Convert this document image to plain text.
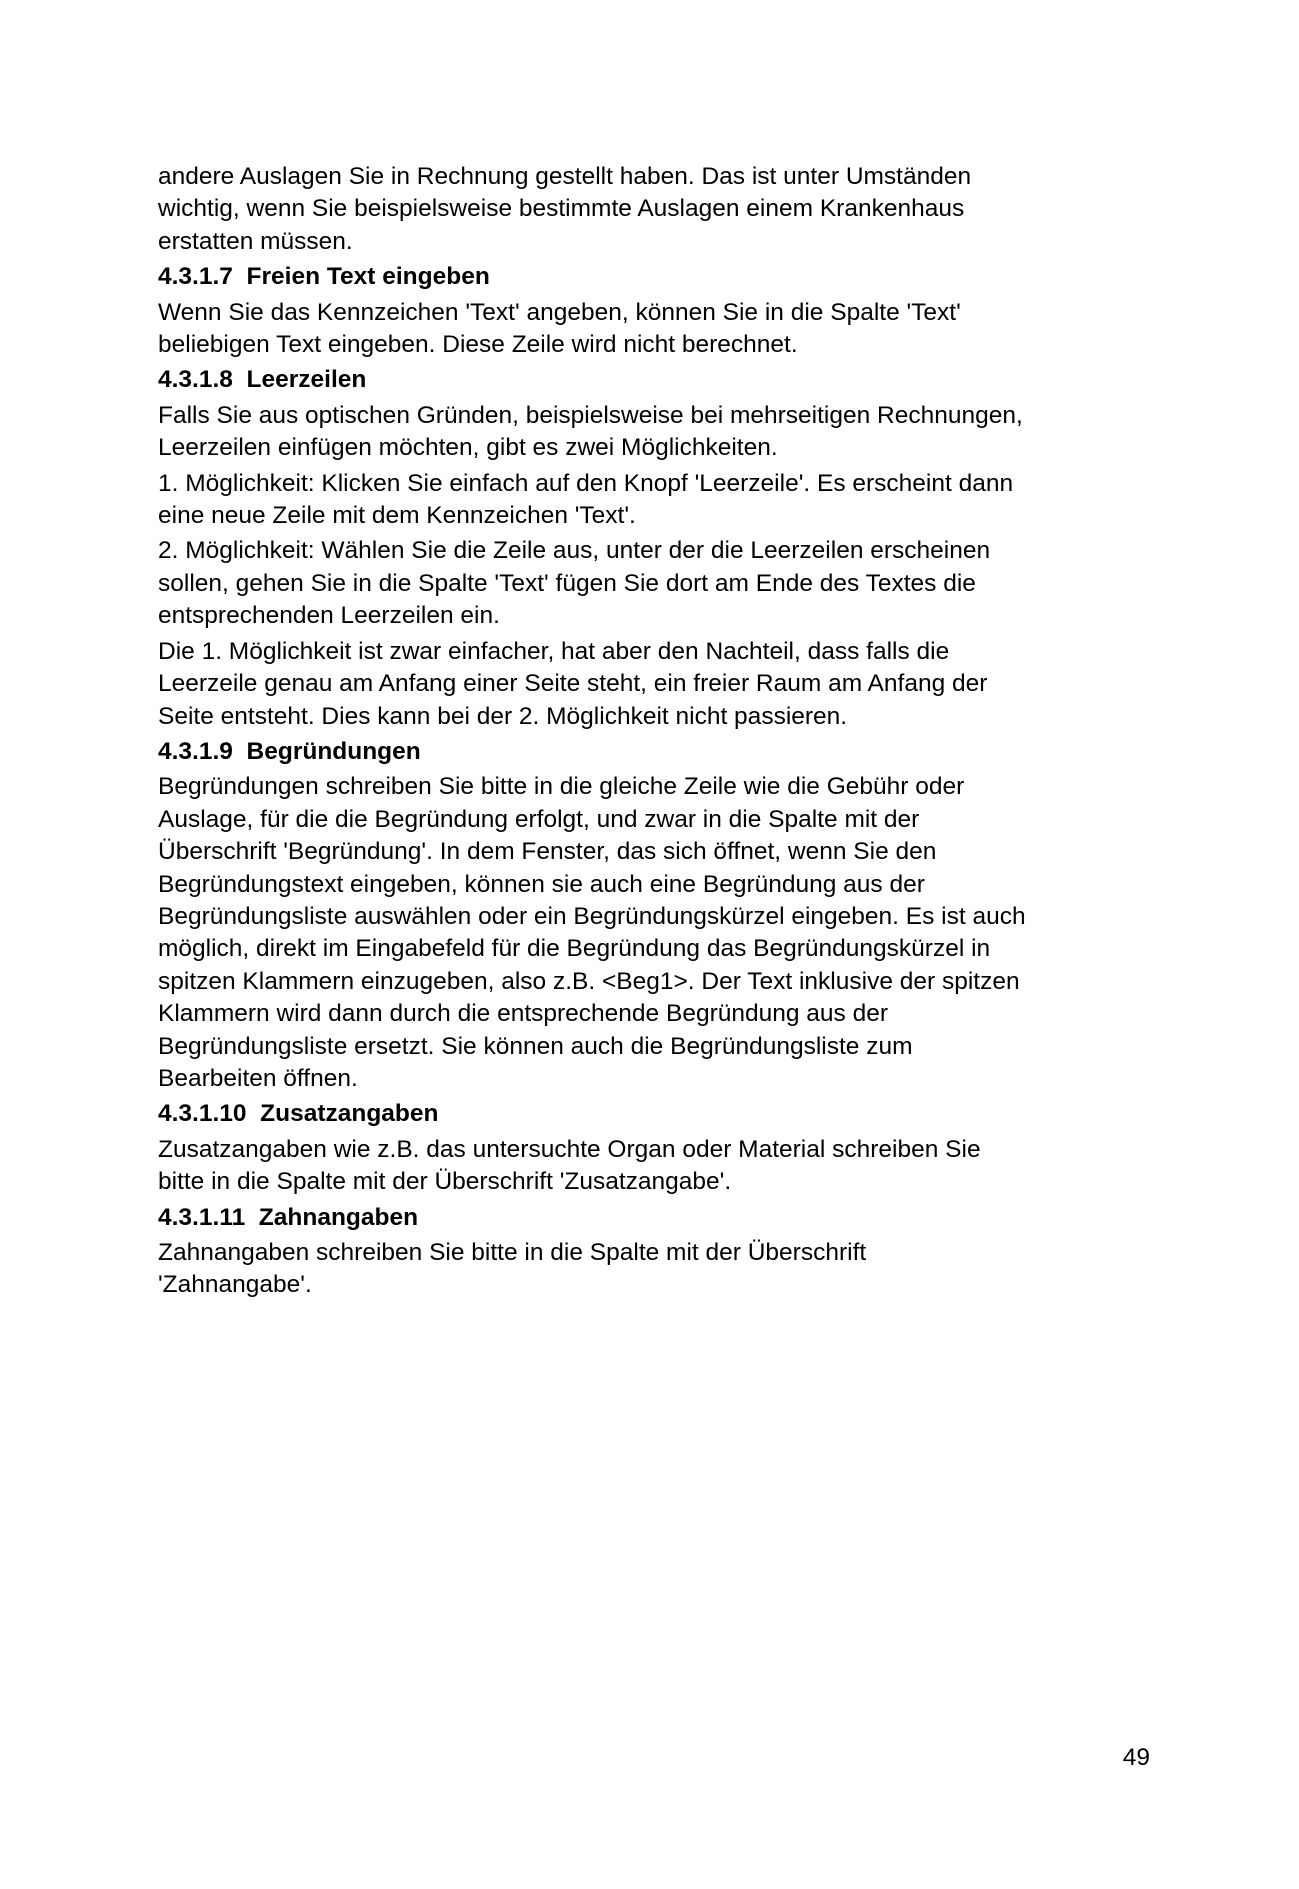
andere Auslagen Sie in Rechnung gestellt haben. Das ist unter Umständen
wichtig, wenn Sie beispielsweise bestimmte Auslagen einem Krankenhaus
erstatten müssen.

4.3.1.7  Freien Text eingeben

Wenn Sie das Kennzeichen 'Text' angeben, können Sie in die Spalte 'Text'
beliebigen Text eingeben. Diese Zeile wird nicht berechnet.

4.3.1.8  Leerzeilen

Falls Sie aus optischen Gründen, beispielsweise bei mehrseitigen Rechnungen,
Leerzeilen einfügen möchten, gibt es zwei Möglichkeiten.

1. Möglichkeit: Klicken Sie einfach auf den Knopf 'Leerzeile'. Es erscheint dann
eine neue Zeile mit dem Kennzeichen 'Text'.

2. Möglichkeit: Wählen Sie die Zeile aus, unter der die Leerzeilen erscheinen
sollen, gehen Sie in die Spalte 'Text' fügen Sie dort am Ende des Textes die
entsprechenden Leerzeilen ein.

Die 1. Möglichkeit ist zwar einfacher, hat aber den Nachteil, dass falls die
Leerzeile genau am Anfang einer Seite steht, ein freier Raum am Anfang der
Seite entsteht. Dies kann bei der 2. Möglichkeit nicht passieren.

4.3.1.9  Begründungen

Begründungen schreiben Sie bitte in die gleiche Zeile wie die Gebühr oder
Auslage, für die die Begründung erfolgt, und zwar in die Spalte mit der
Überschrift 'Begründung'. In dem Fenster, das sich öffnet, wenn Sie den
Begründungstext eingeben, können sie auch eine Begründung aus der
Begründungsliste auswählen oder ein Begründungskürzel eingeben. Es ist auch
möglich, direkt im Eingabefeld für die Begründung das Begründungskürzel in
spitzen Klammern einzugeben, also z.B. <Beg1>. Der Text inklusive der spitzen
Klammern wird dann durch die entsprechende Begründung aus der
Begründungsliste ersetzt. Sie können auch die Begründungsliste zum
Bearbeiten öffnen.

4.3.1.10  Zusatzangaben

Zusatzangaben wie z.B. das untersuchte Organ oder Material schreiben Sie
bitte in die Spalte mit der Überschrift 'Zusatzangabe'.

4.3.1.11  Zahnangaben

Zahnangaben schreiben Sie bitte in die Spalte mit der Überschrift
'Zahnangabe'.

49
